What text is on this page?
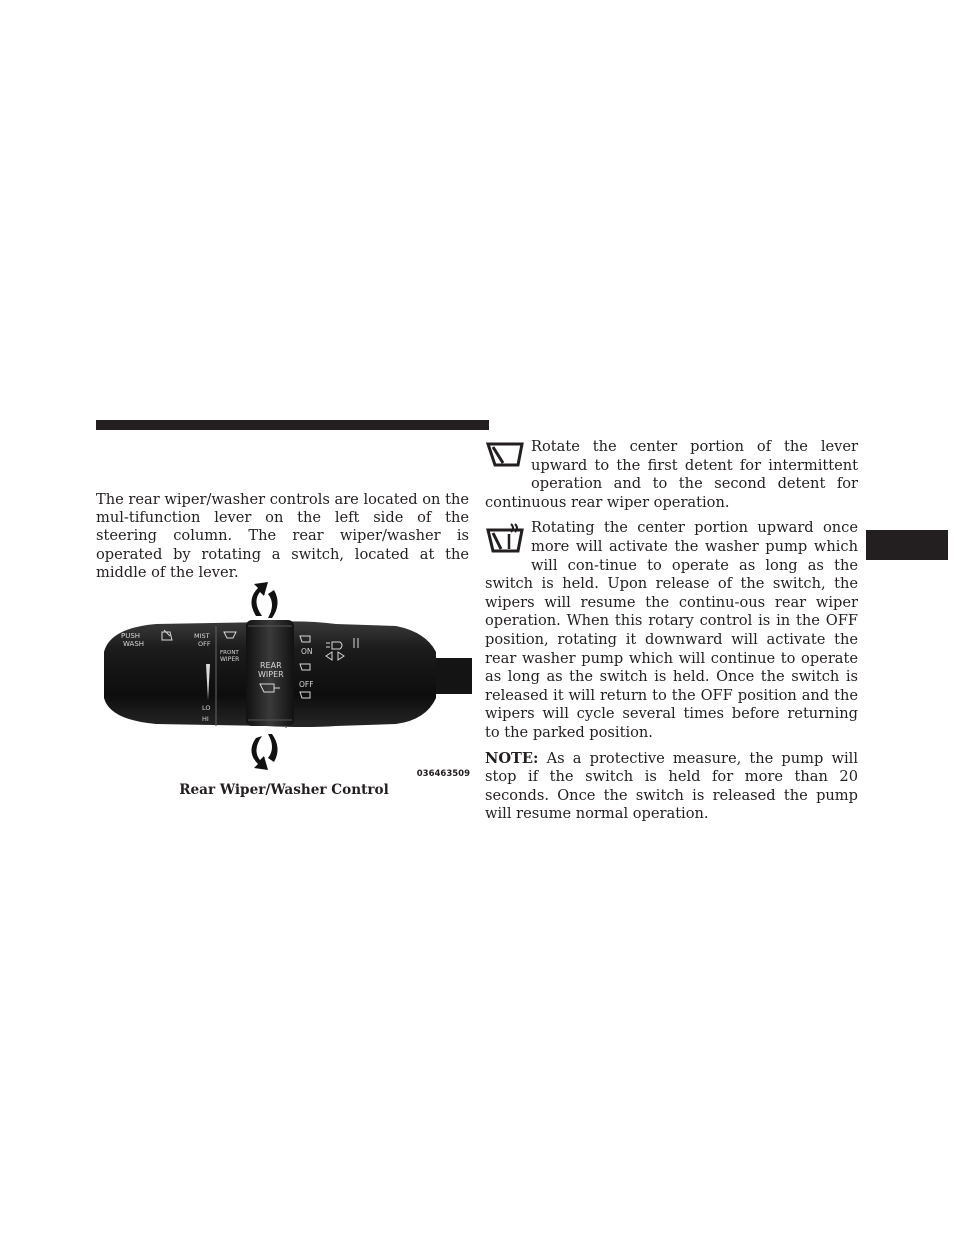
The rear wiper/washer controls are located on the mul-tifunction lever on the left side of the steering column. The rear wiper/washer is operated by rotating a switch, located at the middle of the lever.

PUSH
WASH
MIST
OFF
FRONT
WIPER
LO
HI
REAR
WIPER
ON
OFF
036463509
Rear Wiper/Washer Control

Rotate the center portion of the lever upward to the first detent for intermittent operation and to the second detent for continuous rear wiper operation.

Rotating the center portion upward once more will activate the washer pump which will con-tinue to operate as long as the switch is held. Upon release of the switch, the wipers will resume the continu-ous rear wiper operation. When this rotary control is in the OFF position, rotating it downward will activate the rear washer pump which will continue to operate as long as the switch is held. Once the switch is released it will return to the OFF position and the wipers will cycle several times before returning to the parked position.

NOTE: As a protective measure, the pump will stop if the switch is held for more than 20 seconds. Once the switch is released the pump will resume normal operation.
